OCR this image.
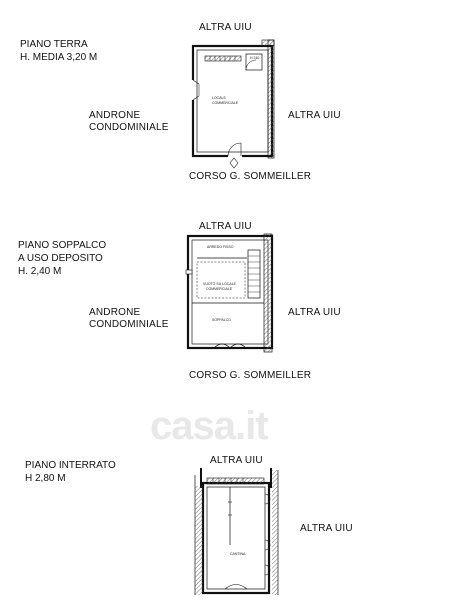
casa.it
PIANO TERRA
H. MEDIA 3,20 M
ALTRA UIU
ALTRA UIU
ANDRONE
CONDOMINIALE
CORSO G. SOMMEILLER
LOCALE
COMMERCIALE
H 240
PIANO SOPPALCO
A USO DEPOSITO
H. 2,40 M
ALTRA UIU
ALTRA UIU
ANDRONE
CONDOMINIALE
CORSO G. SOMMEILLER
ARREDO FISSO
VUOTO SU LOCALE
COMMERCIALE
SOPPALCO
PIANO INTERRATO
H 2,80 M
ALTRA UIU
ALTRA UIU
CANTINA
